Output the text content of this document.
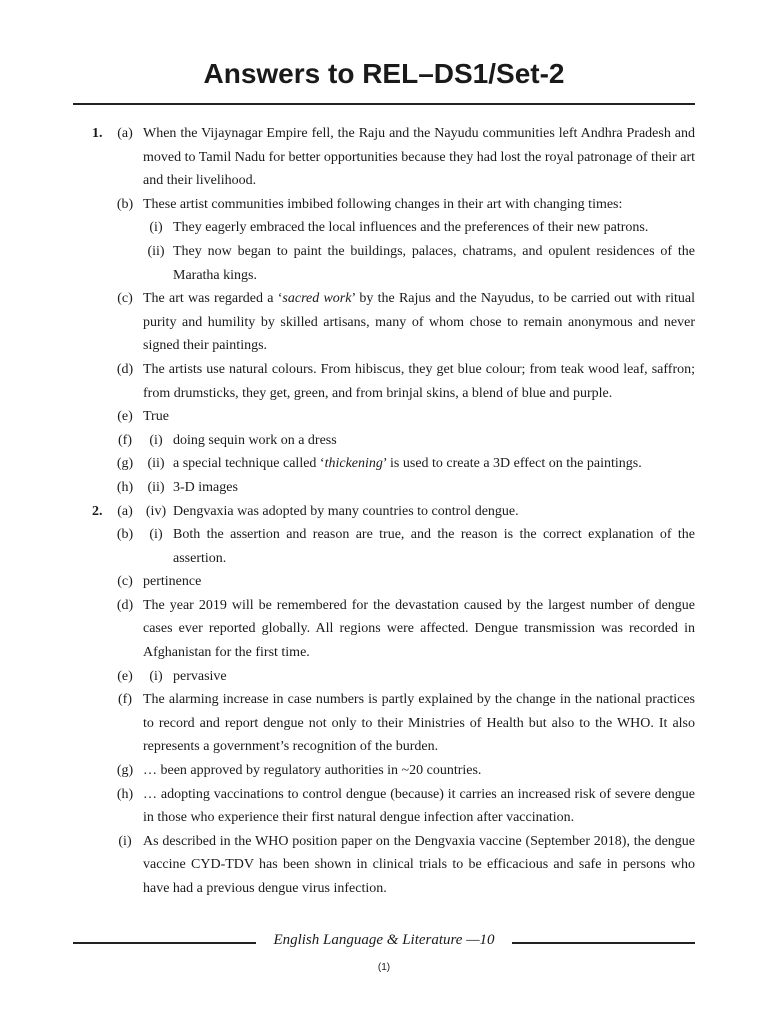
Answers to REL–DS1/Set-2
1.	(a) When the Vijaynagar Empire fell, the Raju and the Nayudu communities left Andhra Pradesh and moved to Tamil Nadu for better opportunities because they had lost the royal patronage of their art and their livelihood.
(b) These artist communities imbibed following changes in their art with changing times:
(i) They eagerly embraced the local influences and the preferences of their new patrons.
(ii) They now began to paint the buildings, palaces, chatrams, and opulent residences of the Maratha kings.
(c) The art was regarded a ‘sacred work’ by the Rajus and the Nayudus, to be carried out with ritual purity and humility by skilled artisans, many of whom chose to remain anonymous and never signed their paintings.
(d) The artists use natural colours. From hibiscus, they get blue colour; from teak wood leaf, saffron; from drumsticks, they get, green, and from brinjal skins, a blend of blue and purple.
(e) True
(f)	(i) doing sequin work on a dress
(g)	(ii) a special technique called ‘thickening’ is used to create a 3D effect on the paintings.
(h)	(ii) 3-D images
2.	(a) (iv) Dengvaxia was adopted by many countries to control dengue.
(b)	(i) Both the assertion and reason are true, and the reason is the correct explanation of the assertion.
(c) pertinence
(d) The year 2019 will be remembered for the devastation caused by the largest number of dengue cases ever reported globally. All regions were affected. Dengue transmission was recorded in Afghanistan for the first time.
(e)	(i) pervasive
(f) The alarming increase in case numbers is partly explained by the change in the national practices to record and report dengue not only to their Ministries of Health but also to the WHO. It also represents a government’s recognition of the burden.
(g) … been approved by regulatory authorities in ~20 countries.
(h) … adopting vaccinations to control dengue (because) it carries an increased risk of severe dengue in those who experience their first natural dengue infection after vaccination.
(i) As described in the WHO position paper on the Dengvaxia vaccine (September 2018), the dengue vaccine CYD-TDV has been shown in clinical trials to be efficacious and safe in persons who have had a previous dengue virus infection.
English Language & Literature —10
(1)
